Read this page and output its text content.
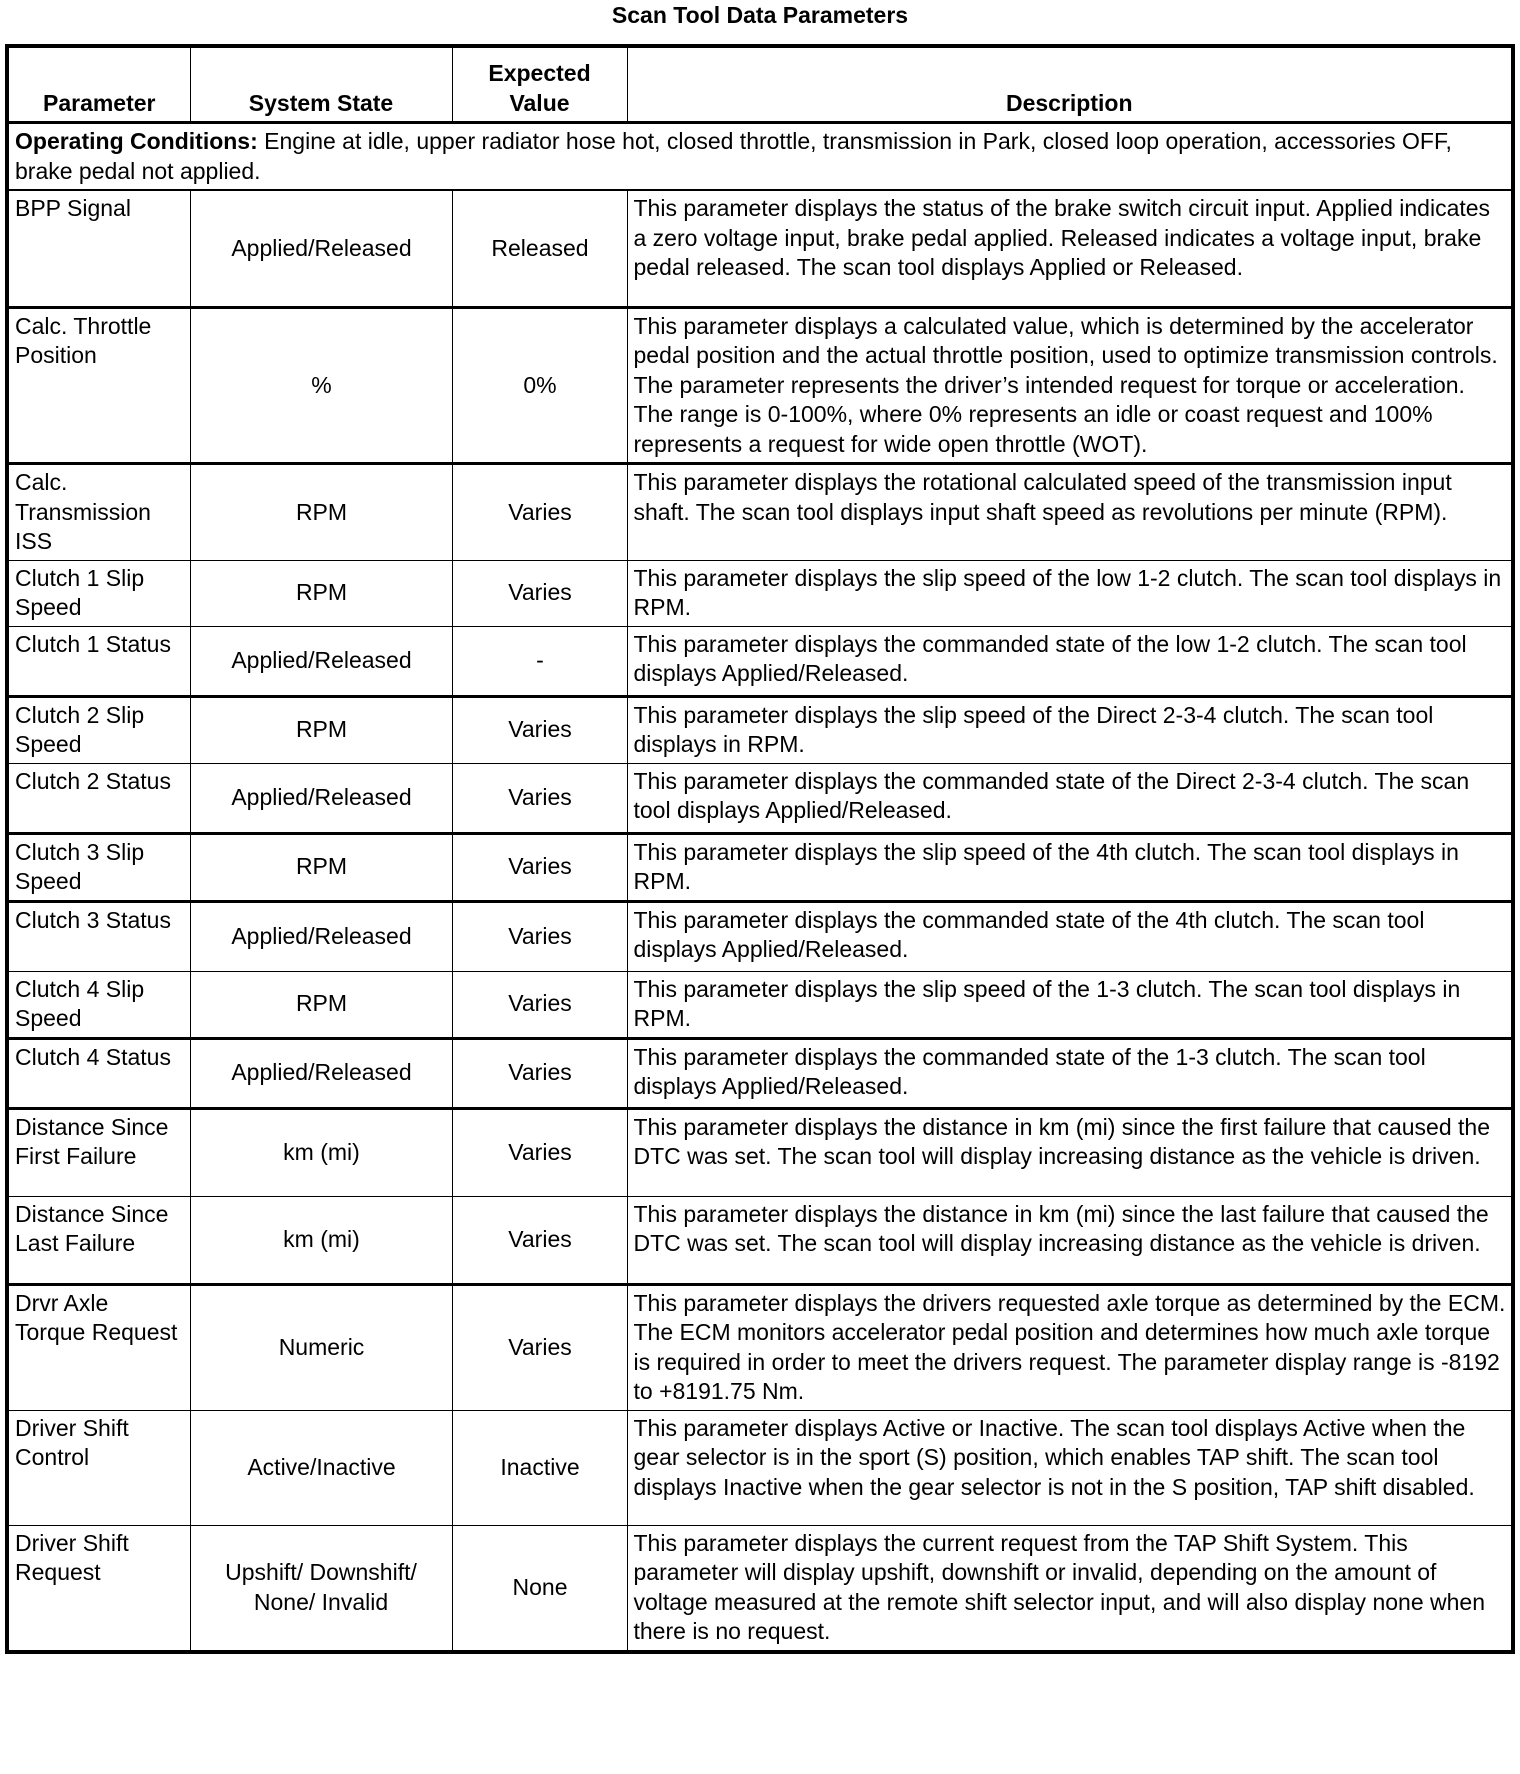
Scan Tool Data Parameters
Parameter	System State	Expected Value	Description
Operating Conditions: Engine at idle, upper radiator hose hot, closed throttle, transmission in Park, closed loop operation, accessories OFF, brake pedal not applied.			
BPP Signal	Applied/Released	Released	This parameter displays the status of the brake switch circuit input. Applied indicates a zero voltage input, brake pedal applied. Released indicates a voltage input, brake pedal released. The scan tool displays Applied or Released.
Calc. Throttle Position	%	0%	This parameter displays a calculated value, which is determined by the accelerator pedal position and the actual throttle position, used to optimize transmission controls. The parameter represents the driver’s intended request for torque or acceleration. The range is 0-100%, where 0% represents an idle or coast request and 100% represents a request for wide open throttle (WOT).
Calc. Transmission ISS	RPM	Varies	This parameter displays the rotational calculated speed of the transmission input shaft. The scan tool displays input shaft speed as revolutions per minute (RPM).
Clutch 1 Slip Speed	RPM	Varies	This parameter displays the slip speed of the low 1-2 clutch. The scan tool displays in RPM.
Clutch 1 Status	Applied/Released	-	This parameter displays the commanded state of the low 1-2 clutch. The scan tool displays Applied/Released.
Clutch 2 Slip Speed	RPM	Varies	This parameter displays the slip speed of the Direct 2-3-4 clutch. The scan tool displays in RPM.
Clutch 2 Status	Applied/Released	Varies	This parameter displays the commanded state of the Direct 2-3-4 clutch. The scan tool displays Applied/Released.
Clutch 3 Slip Speed	RPM	Varies	This parameter displays the slip speed of the 4th clutch. The scan tool displays in RPM.
Clutch 3 Status	Applied/Released	Varies	This parameter displays the commanded state of the 4th clutch. The scan tool displays Applied/Released.
Clutch 4 Slip Speed	RPM	Varies	This parameter displays the slip speed of the 1-3 clutch. The scan tool displays in RPM.
Clutch 4 Status	Applied/Released	Varies	This parameter displays the commanded state of the 1-3 clutch. The scan tool displays Applied/Released.
Distance Since First Failure	km (mi)	Varies	This parameter displays the distance in km (mi) since the first failure that caused the DTC was set. The scan tool will display increasing distance as the vehicle is driven.
Distance Since Last Failure	km (mi)	Varies	This parameter displays the distance in km (mi) since the last failure that caused the DTC was set. The scan tool will display increasing distance as the vehicle is driven.
Drvr Axle Torque Request	Numeric	Varies	This parameter displays the drivers requested axle torque as determined by the ECM. The ECM monitors accelerator pedal position and determines how much axle torque is required in order to meet the drivers request. The parameter display range is -8192 to +8191.75 Nm.
Driver Shift Control	Active/Inactive	Inactive	This parameter displays Active or Inactive. The scan tool displays Active when the gear selector is in the sport (S) position, which enables TAP shift. The scan tool displays Inactive when the gear selector is not in the S position, TAP shift disabled.
Driver Shift Request	Upshift/ Downshift/ None/ Invalid	None	This parameter displays the current request from the TAP Shift System. This parameter will display upshift, downshift or invalid, depending on the amount of voltage measured at the remote shift selector input, and will also display none when there is no request.
